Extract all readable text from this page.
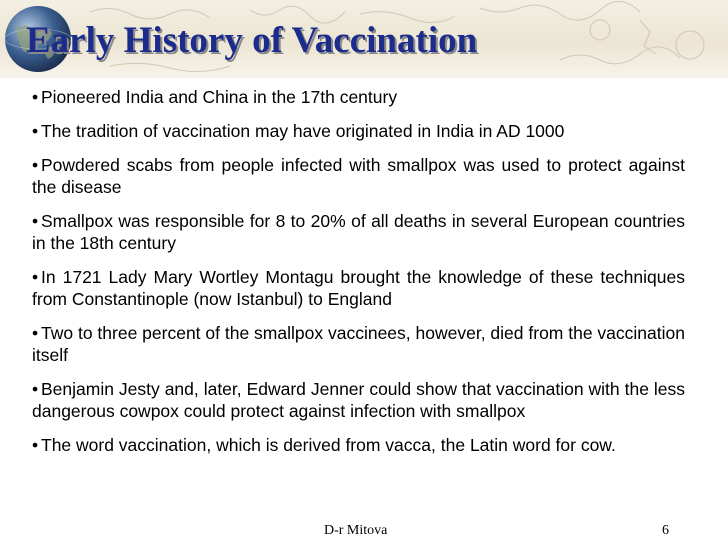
Early History of Vaccination

• Pioneered India and China in the 17th century

• The tradition of vaccination may have originated in India in AD 1000

• Powdered scabs from people infected with smallpox was used to protect against the disease

• Smallpox was responsible for 8 to 20% of all deaths in several European countries in the 18th century

• In 1721 Lady Mary Wortley Montagu brought the knowledge of these techniques from Constantinople (now Istanbul) to England

• Two to three percent of the smallpox vaccinees, however, died from the vaccination itself

• Benjamin Jesty and, later, Edward Jenner could show that vaccination with the less dangerous cowpox could protect against infection with smallpox

• The word vaccination, which is derived from vacca, the Latin word for cow.

D-r Mitova	6
